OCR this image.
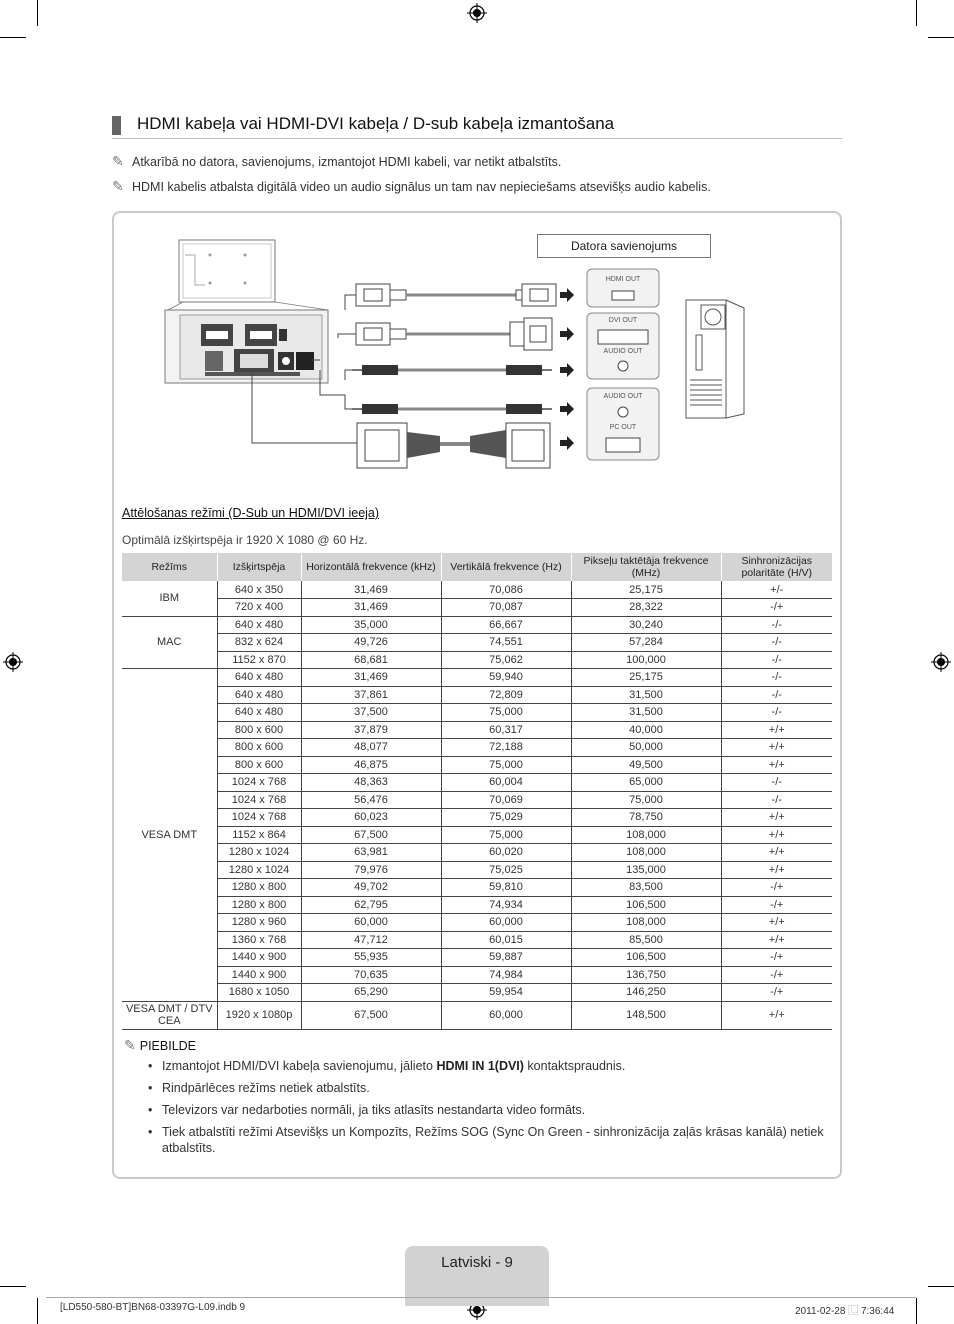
HDMI kabeļa vai HDMI-DVI kabeļa / D-sub kabeļa izmantošana
✎ Atkarībā no datora, savienojums, izmantojot HDMI kabeli, var netikt atbalstīts.
✎ HDMI kabelis atbalsta digitālā video un audio signālus un tam nav nepieciešams atsevišķs audio kabelis.
Datora savienojums
HDMI OUT
DVI OUT
AUDIO OUT
AUDIO OUT
PC OUT
Attēlošanas režīmi (D-Sub un HDMI/DVI ieeja)
Optimālā izšķirtspēja ir 1920 X 1080 @ 60 Hz.
Režīms	Izšķirtspēja	Horizontālā frekvence (kHz)	Vertikālā frekvence (Hz)	Pikseļu taktētāja frekvence (MHz)	Sinhronizācijas polaritāte (H/V)
IBM	640 x 350	31,469	70,086	25,175	+/-
	720 x 400	31,469	70,087	28,322	-/+
MAC	640 x 480	35,000	66,667	30,240	-/-
	832 x 624	49,726	74,551	57,284	-/-
	1152 x 870	68,681	75,062	100,000	-/-
VESA DMT	640 x 480	31,469	59,940	25,175	-/-
	640 x 480	37,861	72,809	31,500	-/-
	640 x 480	37,500	75,000	31,500	-/-
	800 x 600	37,879	60,317	40,000	+/+
	800 x 600	48,077	72,188	50,000	+/+
	800 x 600	46,875	75,000	49,500	+/+
	1024 x 768	48,363	60,004	65,000	-/-
	1024 x 768	56,476	70,069	75,000	-/-
	1024 x 768	60,023	75,029	78,750	+/+
	1152 x 864	67,500	75,000	108,000	+/+
	1280 x 1024	63,981	60,020	108,000	+/+
	1280 x 1024	79,976	75,025	135,000	+/+
	1280 x 800	49,702	59,810	83,500	-/+
	1280 x 800	62,795	74,934	106,500	-/+
	1280 x 960	60,000	60,000	108,000	+/+
	1360 x 768	47,712	60,015	85,500	+/+
	1440 x 900	55,935	59,887	106,500	-/+
	1440 x 900	70,635	74,984	136,750	-/+
	1680 x 1050	65,290	59,954	146,250	-/+
VESA DMT / DTV CEA	1920 x 1080p	67,500	60,000	148,500	+/+
✎ PIEBILDE
• Izmantojot HDMI/DVI kabeļa savienojumu, jālieto HDMI IN 1(DVI) kontaktspraudnis.
• Rindpārlēces režīms netiek atbalstīts.
• Televizors var nedarboties normāli, ja tiks atlasīts nestandarta video formāts.
• Tiek atbalstīti režīmi Atsevišķs un Kompozīts, Režīms SOG (Sync On Green - sinhronizācija zaļās krāsas kanālā) netiek atbalstīts.
Latviski - 9
[LD550-580-BT]BN68-03397G-L09.indb 9	2011-02-28 ⿺ 7:36:44
